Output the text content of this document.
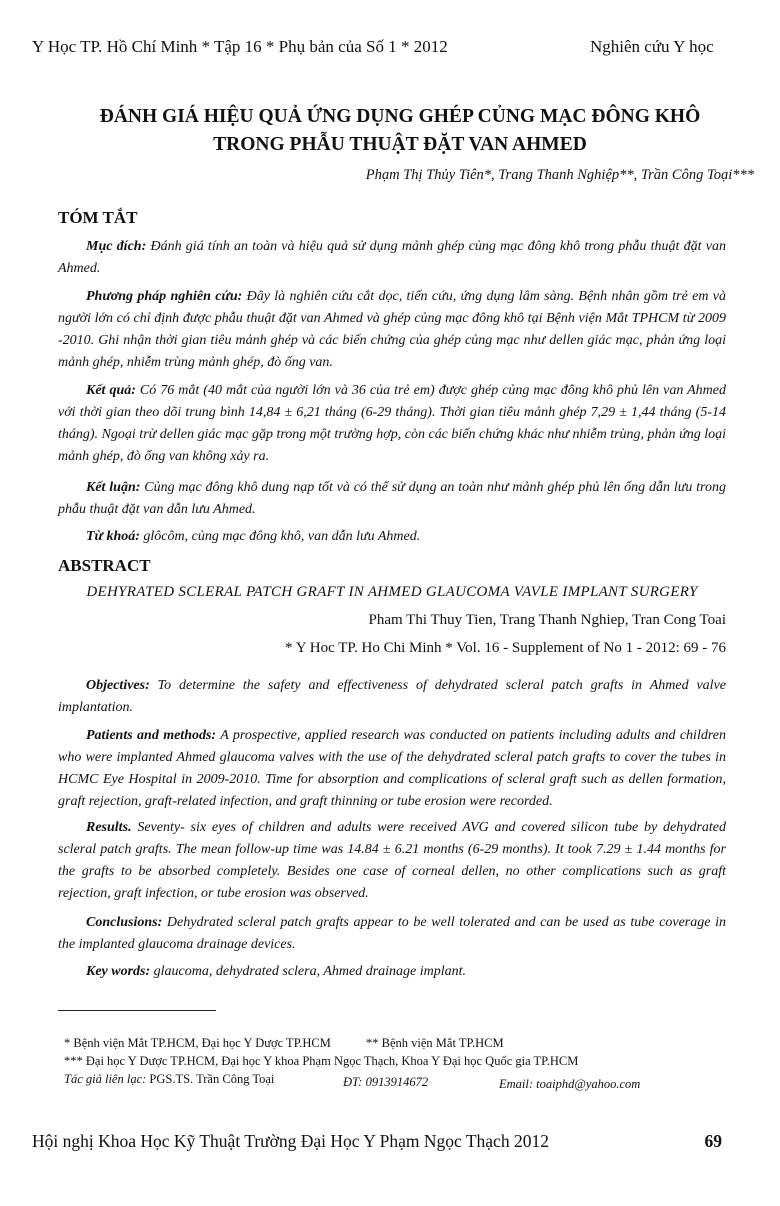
Y Học TP. Hồ Chí Minh * Tập 16 * Phụ bản của Số 1 * 2012	Nghiên cứu Y học
ĐÁNH GIÁ HIỆU QUẢ ỨNG DỤNG GHÉP CỦNG MẠC ĐÔNG KHÔ
TRONG PHẪU THUẬT ĐẶT VAN AHMED
Phạm Thị Thủy Tiên*, Trang Thanh Nghiệp**, Trần Công Toại***
TÓM TẮT
Mục đích: Đánh giá tính an toàn và hiệu quả sử dụng mảnh ghép củng mạc đông khô trong phẫu thuật đặt van Ahmed.
Phương pháp nghiên cứu: Đây là nghiên cứu cắt dọc, tiến cứu, ứng dụng lâm sàng. Bệnh nhân gồm trẻ em và người lớn có chỉ định được phẫu thuật đặt van Ahmed và ghép củng mạc đông khô tại Bệnh viện Mắt TPHCM từ 2009 -2010. Ghi nhận thời gian tiêu mảnh ghép và các biến chứng của ghép củng mạc như dellen giác mạc, phản ứng loại mảnh ghép, nhiễm trùng mảnh ghép, đò ống van.
Kết quả: Có 76 mắt (40 mắt của người lớn và 36 của trẻ em) được ghép củng mạc đông khô phủ lên van Ahmed với thời gian theo dõi trung bình 14,84 ± 6,21 tháng (6-29 tháng). Thời gian tiêu mảnh ghép 7,29 ± 1,44 tháng (5-14 tháng). Ngoại trừ dellen giác mạc gặp trong một trường hợp, còn các biến chứng khác như nhiễm trùng, phản ứng loại mảnh ghép, đò ống van không xảy ra.
Kết luận: Củng mạc đông khô dung nạp tốt và có thể sử dụng an toàn như mảnh ghép phủ lên ống dẫn lưu trong phẫu thuật đặt van dẫn lưu Ahmed.
Từ khoá: glôcôm, củng mạc đông khô, van dẫn lưu Ahmed.
ABSTRACT
DEHYRATED SCLERAL PATCH GRAFT IN AHMED GLAUCOMA VAVLE IMPLANT SURGERY
Pham Thi Thuy Tien, Trang Thanh Nghiep, Tran Cong Toai
* Y Hoc TP. Ho Chi Minh * Vol. 16 - Supplement of No 1 - 2012: 69 - 76
Objectives: To determine the safety and effectiveness of dehydrated scleral patch grafts in Ahmed valve implantation.
Patients and methods: A prospective, applied research was conducted on patients including adults and children who were implanted Ahmed glaucoma valves with the use of the dehydrated scleral patch grafts to cover the tubes in HCMC Eye Hospital in 2009-2010. Time for absorption and complications of scleral graft such as dellen formation, graft rejection, graft-related infection, and graft thinning or tube erosion were recorded.
Results. Seventy- six eyes of children and adults were received AVG and covered silicon tube by dehydrated scleral patch grafts. The mean follow-up time was 14.84 ± 6.21 months (6-29 months). It took 7.29 ± 1.44 months for the grafts to be absorbed completely. Besides one case of corneal dellen, no other complications such as graft rejection, graft infection, or tube erosion was observed.
Conclusions: Dehydrated scleral patch grafts appear to be well tolerated and can be used as tube coverage in the implanted glaucoma drainage devices.
Key words: glaucoma, dehydrated sclera, Ahmed drainage implant.
* Bệnh viện Mắt TP.HCM, Đại học Y Dược TP.HCM	** Bệnh viện Mắt TP.HCM
*** Đại học Y Dược TP.HCM, Đại học Y khoa Phạm Ngọc Thạch, Khoa Y Đại học Quốc gia TP.HCM
Tác giả liên lạc: PGS.TS. Trần Công Toại	ĐT: 0913914672	Email: toaiphd@yahoo.com
Hội nghị Khoa Học Kỹ Thuật Trường Đại Học Y Phạm Ngọc Thạch 2012	69
